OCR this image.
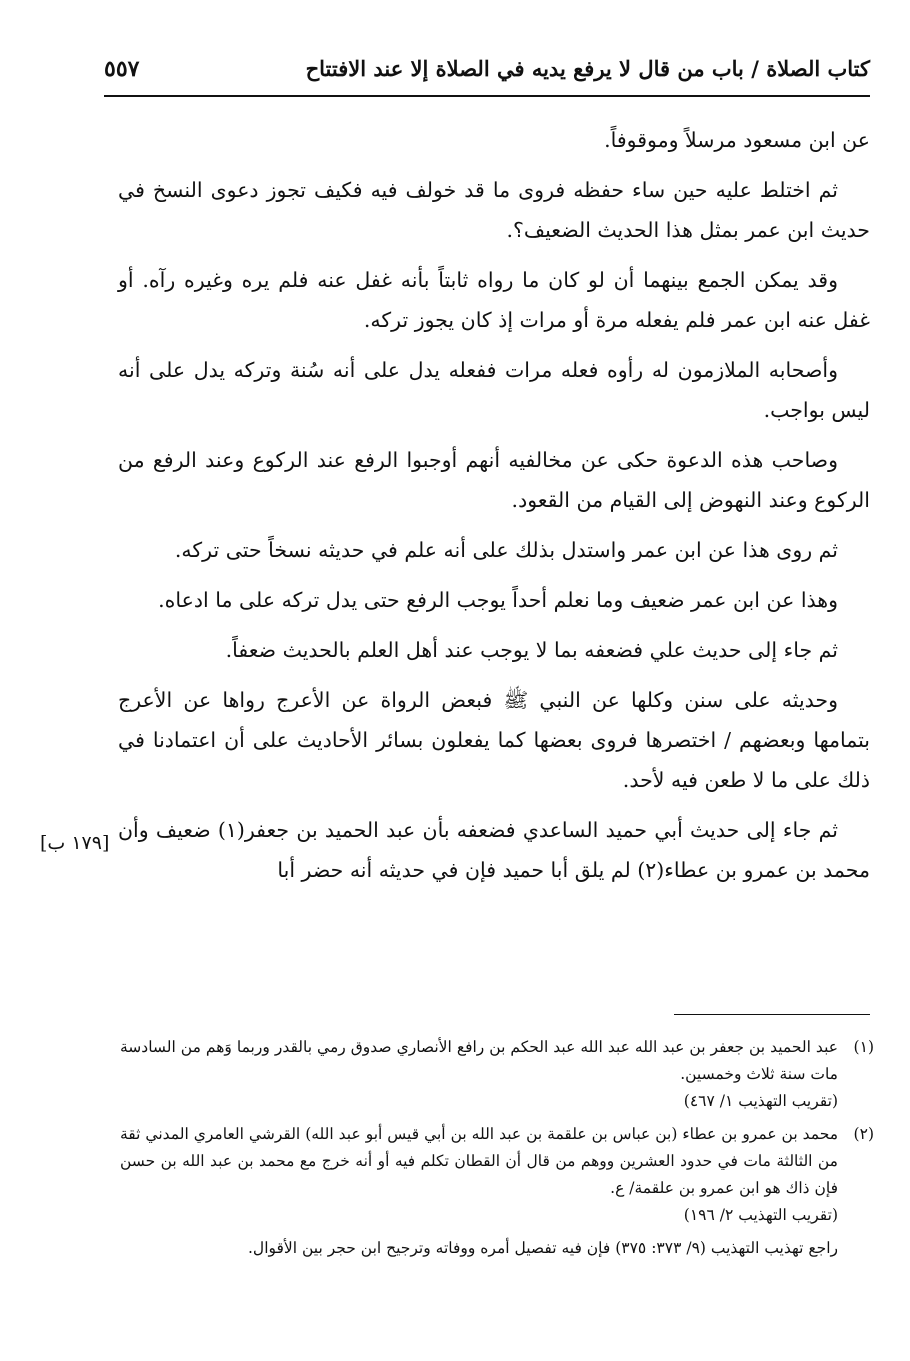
كتاب الصلاة / باب من قال لا يرفع يديه في الصلاة إلا عند الافتتاح
٥٥٧

عن ابن مسعود مرسلاً وموقوفاً.

ثم اختلط عليه حين ساء حفظه فروى ما قد خولف فيه فكيف تجوز دعوى النسخ في حديث ابن عمر بمثل هذا الحديث الضعيف؟.

وقد يمكن الجمع بينهما أن لو كان ما رواه ثابتاً بأنه غفل عنه فلم يره وغيره رآه. أو غفل عنه ابن عمر فلم يفعله مرة أو مرات إذ كان يجوز تركه.

وأصحابه الملازمون له رأوه فعله مرات ففعله يدل على أنه سُنة وتركه يدل على أنه ليس بواجب.

وصاحب هذه الدعوة حكى عن مخالفيه أنهم أوجبوا الرفع عند الركوع وعند الرفع من الركوع وعند النهوض إلى القيام من القعود.

ثم روى هذا عن ابن عمر واستدل بذلك على أنه علم في حديثه نسخاً حتى تركه.

وهذا عن ابن عمر ضعيف وما نعلم أحداً يوجب الرفع حتى يدل تركه على ما ادعاه.

ثم جاء إلى حديث علي فضعفه بما لا يوجب عند أهل العلم بالحديث ضعفاً.

وحديثه على سنن وكلها عن النبي ﷺ فبعض الرواة عن الأعرج رواها عن الأعرج بتمامها وبعضهم / اختصرها فروى بعضها كما يفعلون بسائر الأحاديث على أن اعتمادنا في ذلك على ما لا طعن فيه لأحد.

ثم جاء إلى حديث أبي حميد الساعدي فضعفه بأن عبد الحميد بن جعفر(١) ضعيف وأن محمد بن عمرو بن عطاء(٢) لم يلق أبا حميد فإن في حديثه أنه حضر أبا

[١٧٩ ب]
(١)
عبد الحميد بن جعفر بن عبد الله عبد الله عبد الحكم بن رافع الأنصاري صدوق رمي بالقدر وربما وَهم من السادسة مات سنة ثلاث وخمسين.
(تقريب التهذيب ١/ ٤٦٧)
(٢)
محمد بن عمرو بن عطاء (بن عباس بن علقمة بن عبد الله بن أبي قيس أبو عبد الله) القرشي العامري المدني ثقة من الثالثة مات في حدود العشرين ووهم من قال أن القطان تكلم فيه أو أنه خرج مع محمد بن عبد الله بن حسن فإن ذاك هو ابن عمرو بن علقمة/ ع.
(تقريب التهذيب ٢/ ١٩٦)
راجع تهذيب التهذيب (٩/ ٣٧٣: ٣٧٥) فإن فيه تفصيل أمره ووفاته وترجيح ابن حجر بين الأقوال.
